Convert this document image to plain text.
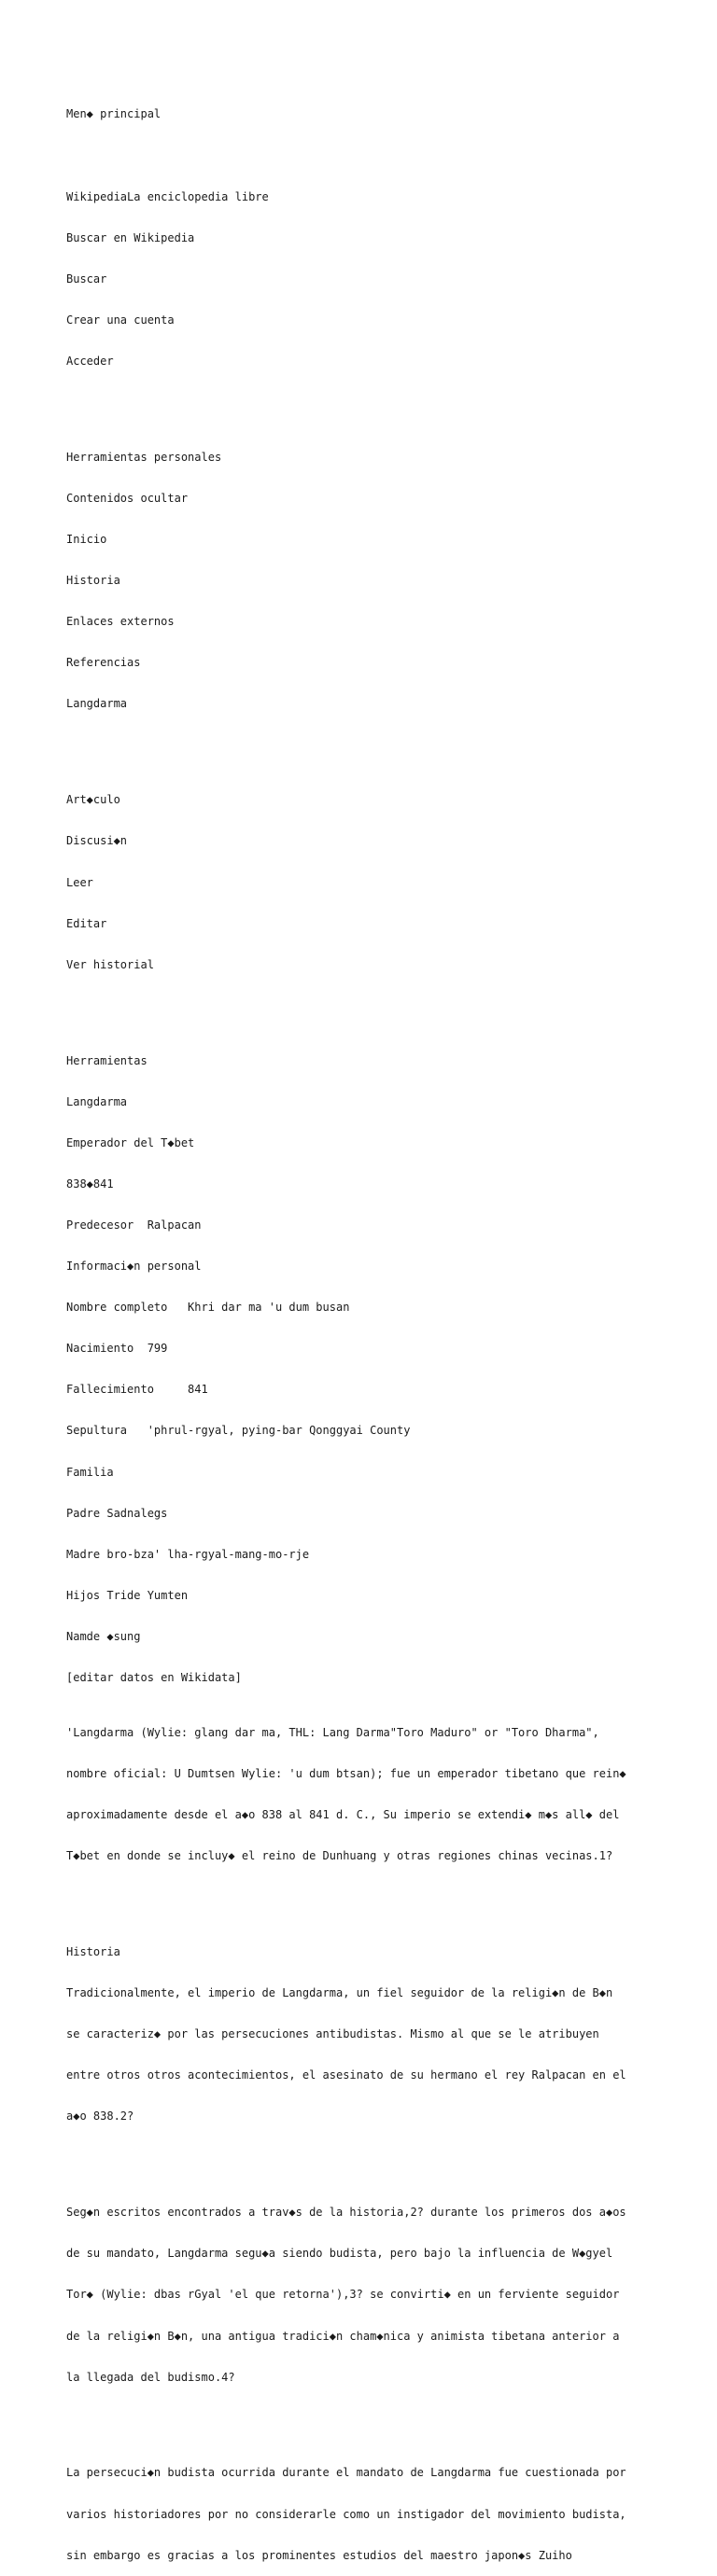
Men◆ principal

WikipediaLa enciclopedia libre

Buscar en Wikipedia

Buscar

Crear una cuenta

Acceder

Herramientas personales

Contenidos ocultar

Inicio

Historia

Enlaces externos

Referencias

Langdarma

Art◆culo

Discusi◆n

Leer

Editar

Ver historial

Herramientas

Langdarma

Emperador del T◆bet

838◆841

Predecesor  Ralpacan

Informaci◆n personal

Nombre completo   Khri dar ma 'u dum busan

Nacimiento  799

Fallecimiento     841

Sepultura   'phrul-rgyal, pying-bar Qonggyai County

Familia

Padre Sadnalegs

Madre bro-bza' lha-rgyal-mang-mo-rje

Hijos Tride Yumten

Namde ◆sung

[editar datos en Wikidata]

'Langdarma (Wylie: glang dar ma, THL: Lang Darma"Toro Maduro" or "Toro Dharma",

nombre oficial: U Dumtsen Wylie: 'u dum btsan); fue un emperador tibetano que rein◆

aproximadamente desde el a◆o 838 al 841 d. C., Su imperio se extendi◆ m◆s all◆ del

T◆bet en donde se incluy◆ el reino de Dunhuang y otras regiones chinas vecinas.1?

Historia

Tradicionalmente, el imperio de Langdarma, un fiel seguidor de la religi◆n de B◆n

se caracteriz◆ por las persecuciones antibudistas. Mismo al que se le atribuyen

entre otros otros acontecimientos, el asesinato de su hermano el rey Ralpacan en el

a◆o 838.2?

Seg◆n escritos encontrados a trav◆s de la historia,2? durante los primeros dos a◆os

de su mandato, Langdarma segu◆a siendo budista, pero bajo la influencia de W◆gyel

Tor◆ (Wylie: dbas rGyal 'el que retorna'),3? se convirti◆ en un ferviente seguidor

de la religi◆n B◆n, una antigua tradici◆n cham◆nica y animista tibetana anterior a

la llegada del budismo.4?

La persecuci◆n budista ocurrida durante el mandato de Langdarma fue cuestionada por

varios historiadores por no considerarle como un instigador del movimiento budista,

sin embargo es gracias a los prominentes estudios del maestro japon◆s Zuiho
